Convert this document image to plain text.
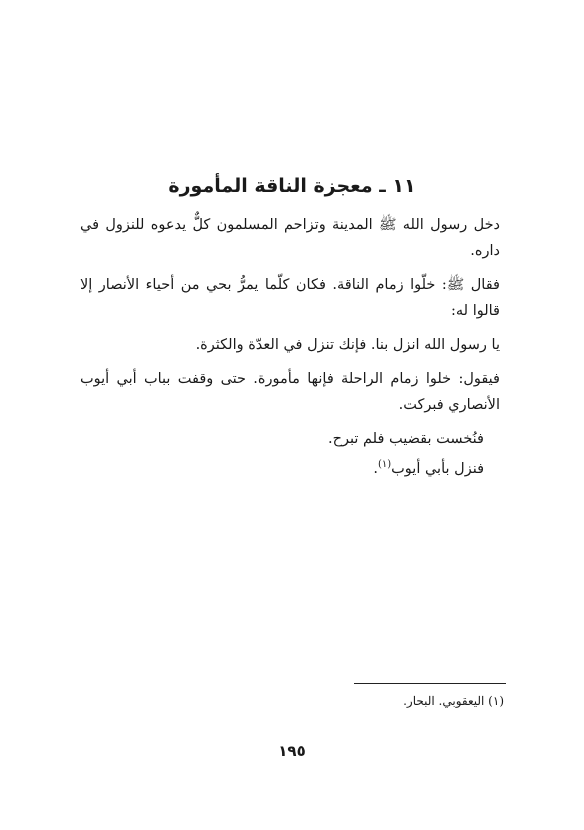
١١ ـ معجزة الناقة المأمورة

دخل رسول الله ﷺ المدينة وتزاحم المسلمون كلٌّ يدعوه للنزول في داره.

فقال ﷺ: خلّوا زمام الناقة. فكان كلّما يمرُّ بحي من أحياء الأنصار إلا قالوا له:

يا رسول الله انزل بنا. فإنك تنزل في العدّة والكثرة.

فيقول: خلوا زمام الراحلة فإنها مأمورة. حتى وقفت بباب أبي أيوب الأنصاري فبركت.

فنُخست بقضيب فلم تبرح.

فنزل بأبي أيوب$^{(١)}$.

(١) اليعقوبي. البحار.
١٩٥
